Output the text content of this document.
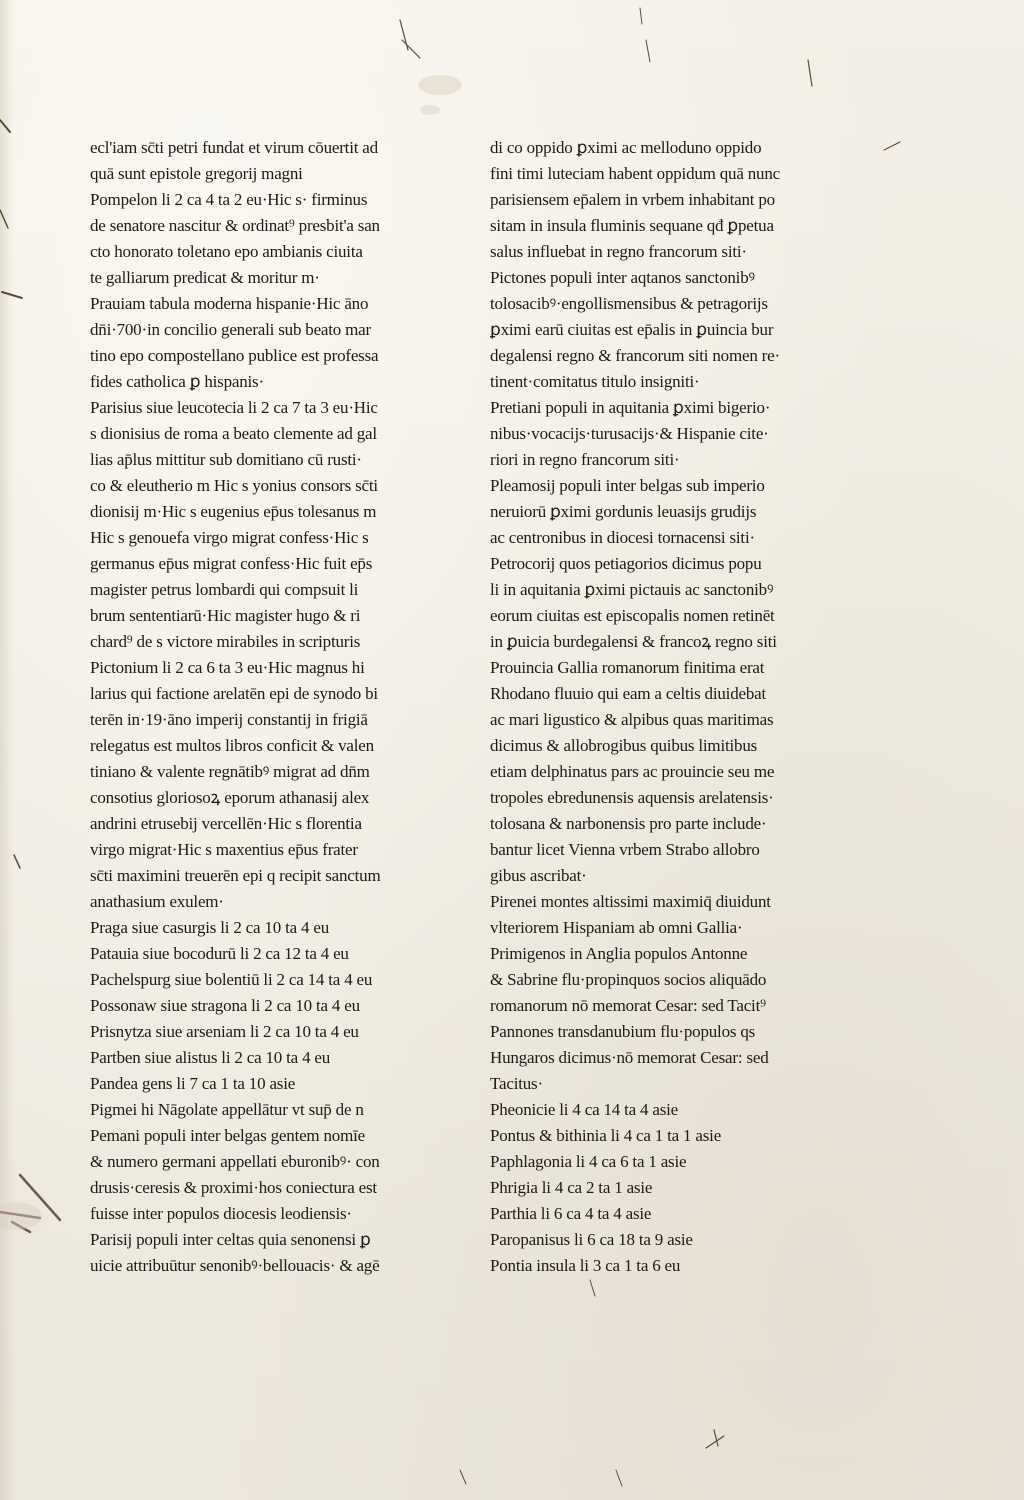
ecl'iam sc̄ti petri fundat et virum cōuertit ad
quā sunt epistole gregorij magni
Pompelon li 2 ca 4 ta 2 eu·Hic s· firminus
de senatore nascitur & ordinat⁹ presbit'a san
cto honorato toletano epo ambianis ciuita
te galliarum predicat & moritur m·
Prauiam tabula moderna hispanie·Hic āno
dn̄i·700·in concilio generali sub beato mar
tino epo compostellano publice est professa
fides catholica ꝑ hispanis·
Parisius siue leucotecia li 2 ca 7 ta 3 eu·Hic
s dionisius de roma a beato clemente ad gal
lias ap̄lus mittitur sub domitiano cū rusti·
co & eleutherio m Hic s yonius consors sc̄ti
dionisij m·Hic s eugenius ep̄us tolesanus m
Hic s genouefa virgo migrat confess·Hic s
germanus ep̄us migrat confess·Hic fuit ep̄s
magister petrus lombardi qui compsuit li
brum sententiarū·Hic magister hugo & ri
chard⁹ de s victore mirabiles in scripturis
Pictonium li 2 ca 6 ta 3 eu·Hic magnus hi
larius qui factione arelatēn epi de synodo bi
terēn in·19·āno imperij constantij in frigiā
relegatus est multos libros conficit & valen
tiniano & valente regnātibꝰ migrat ad dn̄m
consotius gloriosoꝝ eporum athanasij alex
andrini etrusebij vercellēn·Hic s florentia
virgo migrat·Hic s maxentius ep̄us frater
sc̄ti maximini treuerēn epi q recipit sanctum
anathasium exulem·
Praga siue casurgis li 2 ca 10 ta 4 eu
Patauia siue bocodurū li 2 ca 12 ta 4 eu
Pachelspurg siue bolentiū li 2 ca 14 ta 4 eu
Possonaw siue stragona li 2 ca 10 ta 4 eu
Prisnytza siue arseniam li 2 ca 10 ta 4 eu
Partben siue alistus li 2 ca 10 ta 4 eu
Pandea gens li 7 ca 1 ta 10 asie
Pigmei hi Nāgolate appellātur vt sup̄ de n
Pemani populi inter belgas gentem nomīe
& numero germani appellati eburonibꝰ· con
drusis·ceresis & proximi·hos coniectura est
fuisse inter populos diocesis leodiensis·
Parisij populi inter celtas quia senonensi ꝑ
uicie attribuūtur senonibꝰ·bellouacis· & agē
di co oppido ꝑximi ac mellodunо oppido
fini timi luteciam habent oppidum quā nunc
parisiensem ep̄alem in vrbem inhabitant po
sitam in insula fluminis sequane qđ ꝑpetua
salus influebat in regno francorum siti·
Pictones populi inter aqtanos sanctonibꝰ
tolosacibꝰ·engollismensibus & petragorijs
ꝑximi earū ciuitas est ep̄alis in ꝑuincia bur
degalensi regno & francorum siti nomen re·
tinent·comitatus titulo insigniti·
Pretiani populi in aquitania ꝑximi bigerio·
nibus·vocacijs·turusacijs·& Hispanie cite·
riori in regno francorum siti·
Pleamosij populi inter belgas sub imperio
neruiorū ꝑximi gordunis leuasijs grudijs
ac centronibus in diocesi tornacensi siti·
Petrocorij quos petiagorios dicimus popu
li in aquitania ꝑximi pictauis ac sanctonibꝰ
eorum ciuitas est episcopalis nomen retinēt
in ꝑuicia burdegalensi & francoꝝ regno siti
Prouincia Gallia romanorum finitima erat
Rhodano fluuio qui eam a celtis diuidebat
ac mari ligustico & alpibus quas maritimas
dicimus & allobrogibus quibus limitibus
etiam delphinatus pars ac prouincie seu me
tropoles ebredunensis aquensis arelatensis·
tolosana & narbonensis pro parte include·
bantur licet Vienna vrbem Strabo allobro
gibus ascribat·
Pirenei montes altissimi maximiq̄ diuidunt
vlteriorem Hispaniam ab omni Gallia·
Primigenos in Anglia populos Antonne
& Sabrine flu·propinquos socios aliquādo
romanorum nō memorat Cesar: sed Tacit⁹
Pannones transdanubium flu·populos qs
Hungaros dicimus·nō memorat Cesar: sed
Tacitus·
Pheonicie li 4 ca 14 ta 4 asie
Pontus & bithinia li 4 ca 1 ta 1 asie
Paphlagonia li 4 ca 6 ta 1 asie
Phrigia li 4 ca 2 ta 1 asie
Parthia li 6 ca 4 ta 4 asie
Paropanisus li 6 ca 18 ta 9 asie
Pontia insula li 3 ca 1 ta 6 eu
